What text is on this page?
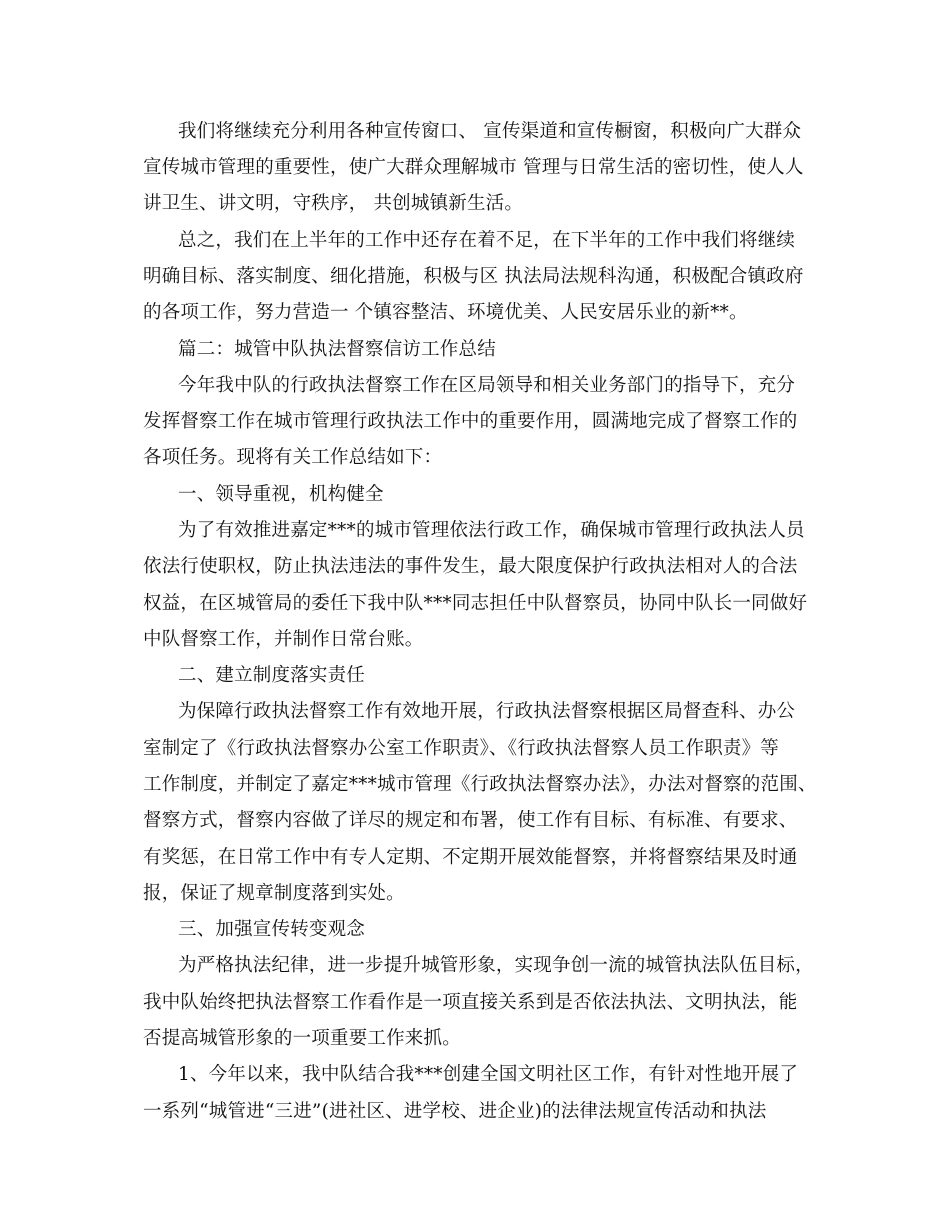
我们将继续充分利用各种宣传窗口、 宣传渠道和宣传橱窗，积极向广大群众
宣传城市管理的重要性，使广大群众理解城市 管理与日常生活的密切性，使人人
讲卫生、讲文明，守秩序， 共创城镇新生活。
总之，我们在上半年的工作中还存在着不足，在下半年的工作中我们将继续
明确目标、落实制度、细化措施，积极与区 执法局法规科沟通，积极配合镇政府
的各项工作，努力营造一 个镇容整洁、环境优美、人民安居乐业的新**。
篇二：城管中队执法督察信访工作总结
今年我中队的行政执法督察工作在区局领导和相关业务部门的指导下，充分
发挥督察工作在城市管理行政执法工作中的重要作用，圆满地完成了督察工作的
各项任务。现将有关工作总结如下：
一、领导重视，机构健全
为了有效推进嘉定***的城市管理依法行政工作，确保城市管理行政执法人员
依法行使职权，防止执法违法的事件发生，最大限度保护行政执法相对人的合法
权益，在区城管局的委任下我中队***同志担任中队督察员，协同中队长一同做好
中队督察工作，并制作日常台账。
二、建立制度落实责任
为保障行政执法督察工作有效地开展，行政执法督察根据区局督查科、办公
室制定了《行政执法督察办公室工作职责》、《行政执法督察人员工作职责》等
工作制度，并制定了嘉定***城市管理《行政执法督察办法》，办法对督察的范围、
督察方式，督察内容做了详尽的规定和布署，使工作有目标、有标准、有要求、
有奖惩，在日常工作中有专人定期、不定期开展效能督察，并将督察结果及时通
报，保证了规章制度落到实处。
三、加强宣传转变观念
为严格执法纪律，进一步提升城管形象，实现争创一流的城管执法队伍目标，
我中队始终把执法督察工作看作是一项直接关系到是否依法执法、文明执法，能
否提高城管形象的一项重要工作来抓。
1、今年以来，我中队结合我***创建全国文明社区工作，有针对性地开展了
一系列“城管进“三进”(进社区、进学校、进企业)的法律法规宣传活动和执法
